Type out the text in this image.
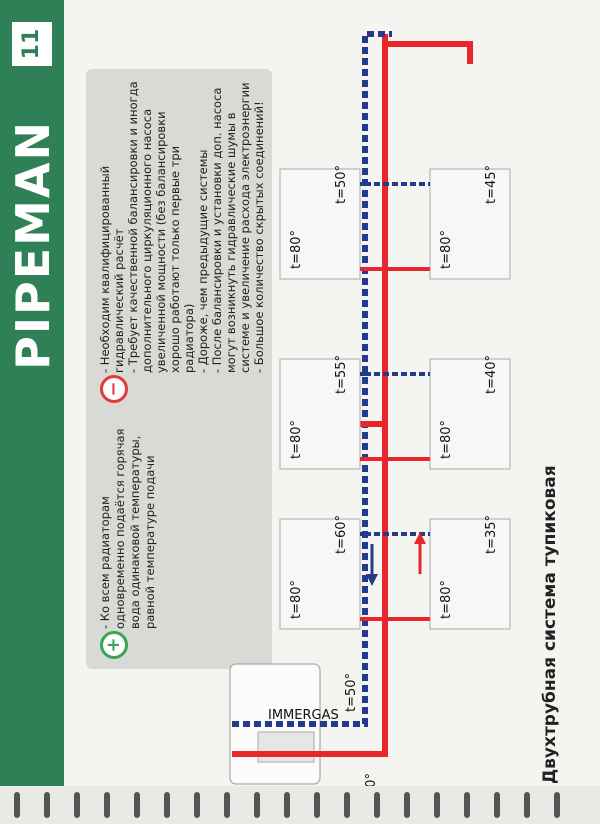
PIPEMAN
11
+
- Ко всем радиаторам одновременно подаётся горячая вода одинаковой температуры, равной температуре подачи
−
- Необходим квалифицированный гидравлический расчёт - Требует качественной балансировки и иногда дополнительного циркуляционного насоса увеличенной мощности (без балансировки хорошо работают только первые три радиатора) - Дороже, чем предыдущие системы - После балансировки и установки доп. насоса могут возникнуть гидравлические шумы в системе и увеличение расхода электроэнергии - Большое количество скрытых соединений!
IMMERGAS
t=50°
t=80°
t=60°
t=80°
t=55°
t=80°
t=50°
t=80°
t=35°
t=80°
t=40°
t=80°
t=45°
Двухтрубная система тупиковая
